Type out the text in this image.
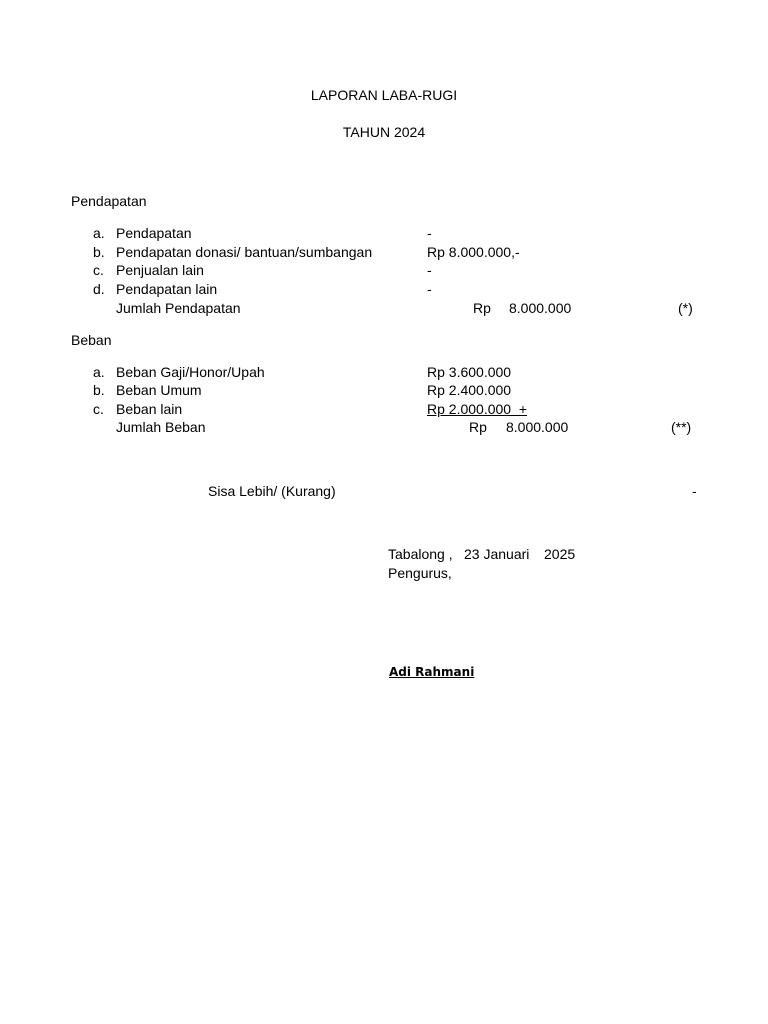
LAPORAN LABA-RUGI
TAHUN 2024
Pendapatan
a. Pendapatan	-
b. Pendapatan donasi/ bantuan/sumbangan	Rp 8.000.000,-
c. Penjualan lain	-
d. Pendapatan lain	-
Jumlah Pendapatan	Rp 8.000.000	(*)
Beban
a. Beban Gaji/Honor/Upah	Rp 3.600.000
b. Beban Umum	Rp 2.400.000
c. Beban lain	Rp 2.000.000  +
Jumlah Beban	Rp 8.000.000	(**)
Sisa Lebih/ (Kurang)	-
Tabalong , 23 Januari 2025
Pengurus,
Adi Rahmani
